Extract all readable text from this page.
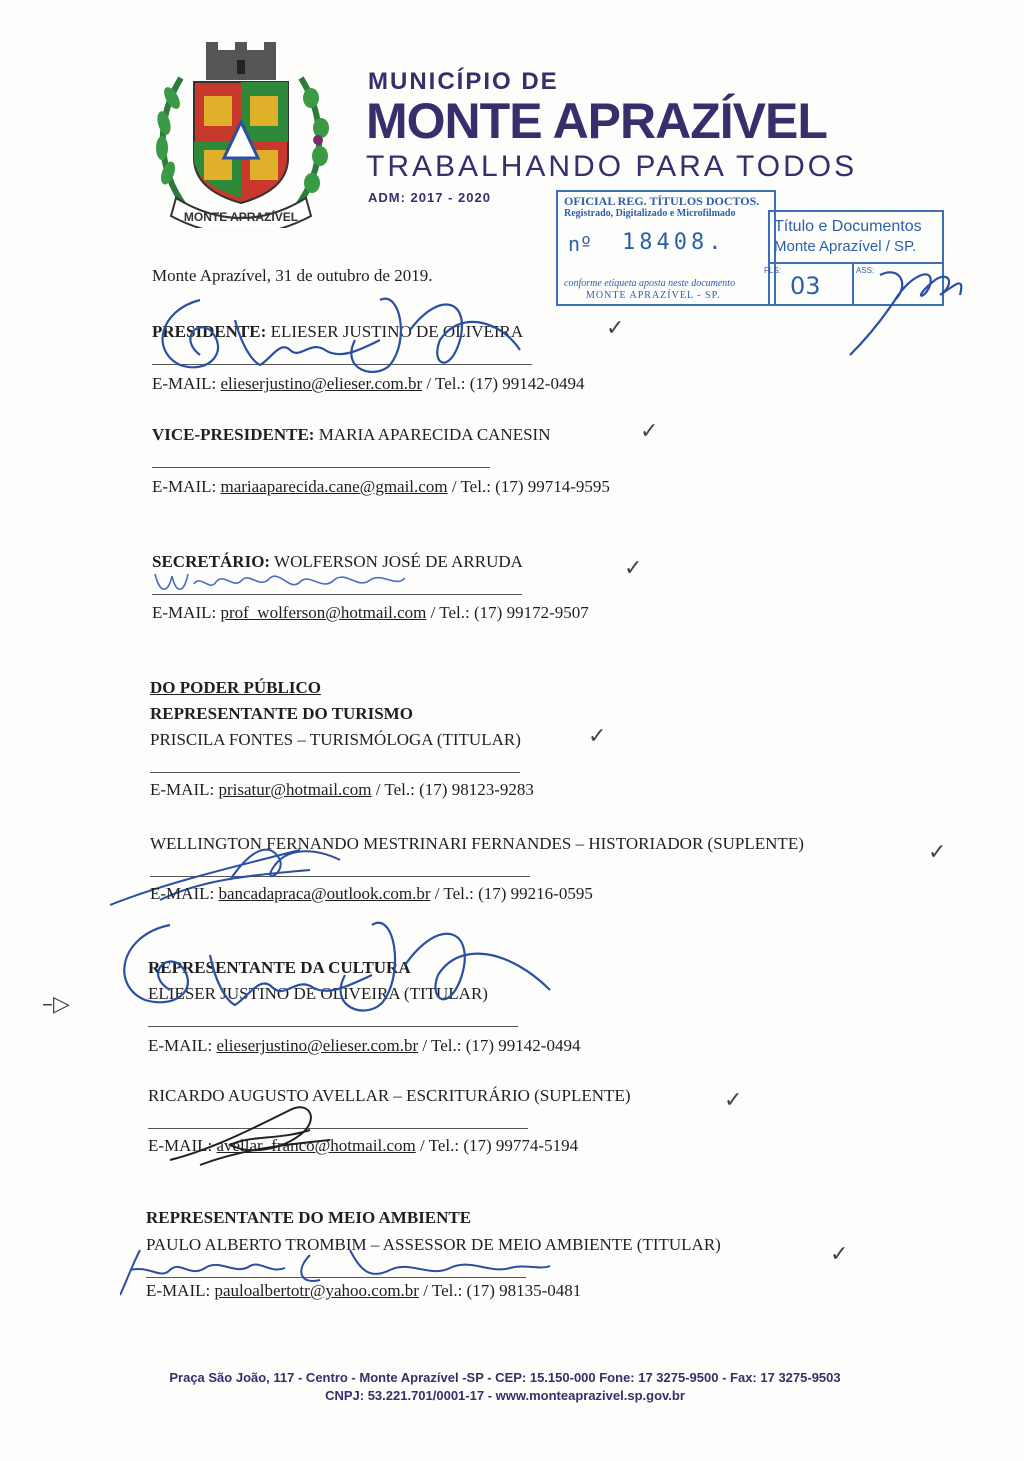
MONTE APRAZÍVEL
MUNICÍPIO DE
MONTE APRAZÍVEL
TRABALHANDO PARA TODOS
ADM: 2017 - 2020	OFICIAL REG. TÍTULOS DOCTOS.
Registrado, Digitalizado e Microfilmado
nº 18408.
conforme etiqueta aposta neste documento
MONTE APRAZÍVEL - SP.
Título e Documentos
Monte Aprazível / SP.
FLS:
03
ASS:
Monte Aprazível, 31 de outubro de 2019.
PRESIDENTE: ELIESER JUSTINO DE OLIVEIRA	✓
E-MAIL: elieserjustino@elieser.com.br / Tel.: (17) 99142-0494
VICE-PRESIDENTE: MARIA APARECIDA CANESIN	✓
E-MAIL: mariaaparecida.cane@gmail.com / Tel.: (17) 99714-9595
SECRETÁRIO: WOLFERSON JOSÉ DE ARRUDA	✓
E-MAIL: prof_wolferson@hotmail.com / Tel.: (17) 99172-9507
DO PODER PÚBLICO
REPRESENTANTE DO TURISMO
PRISCILA FONTES – TURISMÓLOGA (TITULAR)	✓
E-MAIL: prisatur@hotmail.com / Tel.: (17) 98123-9283
WELLINGTON FERNANDO MESTRINARI FERNANDES – HISTORIADOR (SUPLENTE)	✓
E-MAIL: bancadapraca@outlook.com.br / Tel.: (17) 99216-0595
REPRESENTANTE DA CULTURA
–▷	ELIESER JUSTINO DE OLIVEIRA (TITULAR)
E-MAIL: elieserjustino@elieser.com.br / Tel.: (17) 99142-0494
RICARDO AUGUSTO AVELLAR – ESCRITURÁRIO (SUPLENTE)	✓
E-MAIL: avellar_franco@hotmail.com / Tel.: (17) 99774-5194
REPRESENTANTE DO MEIO AMBIENTE
PAULO ALBERTO TROMBIM – ASSESSOR DE MEIO AMBIENTE (TITULAR)	✓
E-MAIL: pauloalbertotr@yahoo.com.br / Tel.: (17) 98135-0481
Praça São João, 117 - Centro - Monte Aprazível -SP - CEP: 15.150-000 Fone: 17 3275-9500 - Fax: 17 3275-9503
CNPJ: 53.221.701/0001-17 - www.monteaprazivel.sp.gov.br
